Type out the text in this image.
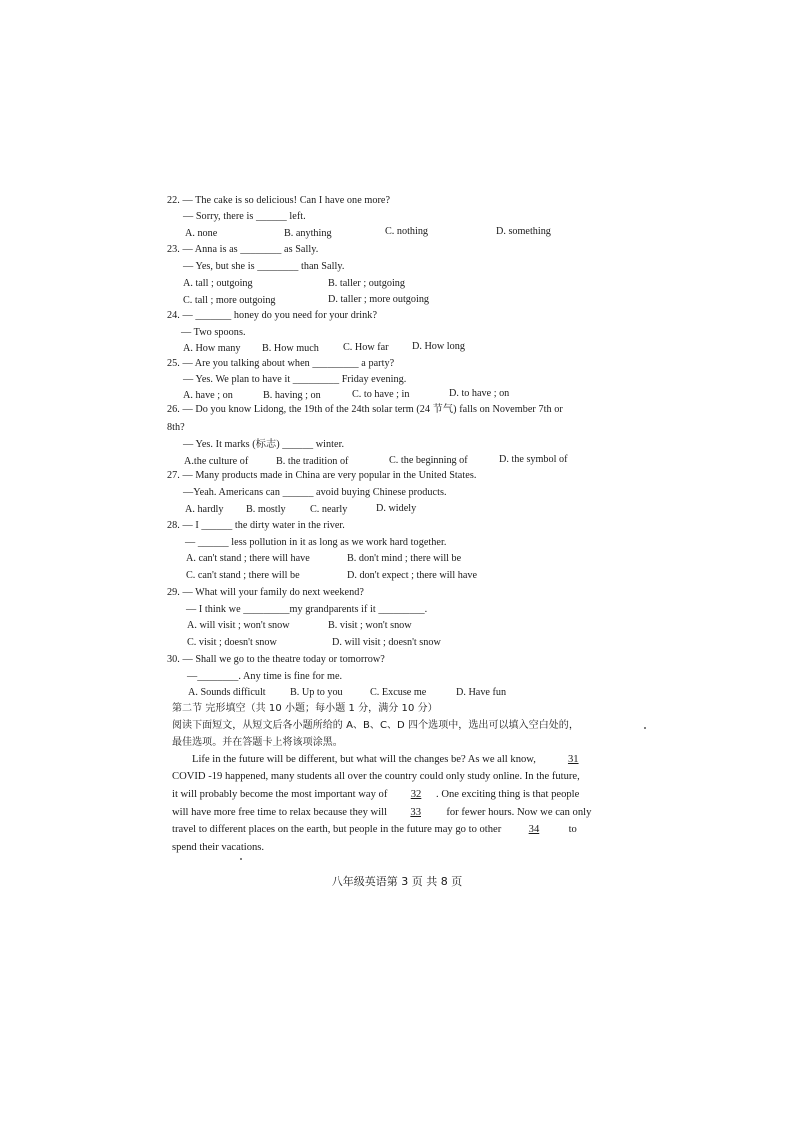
22. — The cake is so delicious! Can I have one more?
— Sorry, there is ______ left.
A. none	B. anything	C. nothing	D. something
23. — Anna is as ________ as Sally.
— Yes, but she is ________ than Sally.
A. tall ; outgoing	B. taller ; outgoing
C. tall ; more outgoing	D. taller ; more outgoing
24. — _______ honey do you need for your drink?
— Two spoons.
A. How many B. How much C. How far D. How long
25. — Are you talking about when _________ a party?
— Yes. We plan to have it _________ Friday evening.
A. have ; on	B. having ; on	C. to have ; in	D. to have ; on
26. — Do you know Lidong, the 19th of the 24th solar term (24 节气) falls on November 7th or
8th?
— Yes. It marks (标志) ______ winter.
A.the culture of	B. the tradition of	C. the beginning of	D. the symbol of
27. — Many products made in China are very popular in the United States.
—Yeah. Americans can ______ avoid buying Chinese products.
A. hardly B. mostly C. nearly	D. widely
28. — I ______ the dirty water in the river.
— ______ less pollution in it as long as we work hard together.
A. can't stand ; there will have	B. don't mind ; there will be
C. can't stand ; there will be	D. don't expect ; there will have
29. — What will your family do next weekend?
— I think we _________my grandparents if it _________.
A. will visit ; won't snow	B. visit ; won't snow
C. visit ; doesn't snow	D. will visit ; doesn't snow
30. — Shall we go to the theatre today or tomorrow?
—________. Any time is fine for me.
A. Sounds difficult B. Up to you	C. Excuse me	D. Have fun
第二节 完形填空（共 10 小题；每小题 1 分，满分 10 分）
阅读下面短文，从短文后各小题所给的 A、B、C、D 四个选项中，选出可以填入空白处的，
最佳选项。并在答题卡上将该项涂黑。
Life in the future will be different, but what will the changes be? As we all know,	31
COVID -19 happened, many students all over the country could only study online. In the future,
it will probably become the most important way of 32 . One exciting thing is that people
will have more free time to relax because they will 33 for fewer hours. Now we can only
travel to different places on the earth, but people in the future may go to other	34	to
spend their vacations.
八年级英语第 3 页 共 8 页
